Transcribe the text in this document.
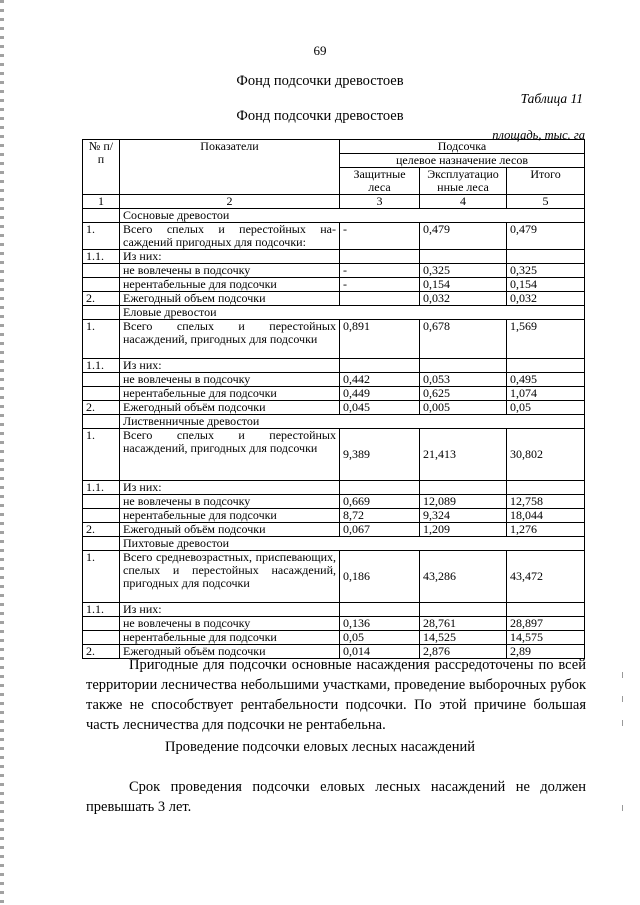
69
Фонд подсочки древостоев
Таблица 11
Фонд подсочки древостоев
площадь, тыс. га
№ п/п	Показатели	Подсочка		
		целевое назначение лесов		
		Защитные леса	Эксплуатацио нные леса	Итого
1	2	3	4	5
	Сосновые древостои			
1.	Всего спелых и перестойных на-саждений пригодных для подсочки:	-	0,479	0,479
1.1.	Из них:			
	не вовлечены в подсочку	-	0,325	0,325
	нерентабельные для подсочки	-	0,154	0,154
2.	Ежегодный объем подсочки		0,032	0,032
	Еловые древостои			
1.	Всего спелых и перестойных насаждений, пригодных для подсочки	0,891	0,678	1,569
1.1.	Из них:			
	не вовлечены в подсочку	0,442	0,053	0,495
	нерентабельные для подсочки	0,449	0,625	1,074
2.	Ежегодный объём подсочки	0,045	0,005	0,05
	Лиственничные древостои			
1.	Всего спелых и перестойных насаждений, пригодных для подсочки	9,389	21,413	30,802
1.1.	Из них:			
	не вовлечены в подсочку	0,669	12,089	12,758
	нерентабельные для подсочки	8,72	9,324	18,044
2.	Ежегодный объём подсочки	0,067	1,209	1,276
	Пихтовые древостои			
1.	Всего средневозрастных, приспевающих, спелых и перестойных насаждений, пригодных для подсочки	0,186	43,286	43,472
1.1.	Из них:			
	не вовлечены в подсочку	0,136	28,761	28,897
	нерентабельные для подсочки	0,05	14,525	14,575
2.	Ежегодный объём подсочки	0,014	2,876	2,89
Пригодные для подсочки основные насаждения рассредоточены по всей территории лесничества небольшими участками, проведение выборочных рубок также не способствует рентабельности подсочки. По этой причине большая часть лесничества для подсочки не рентабельна.
Проведение подсочки еловых лесных насаждений
Срок проведения подсочки еловых лесных насаждений не должен превышать 3 лет.
